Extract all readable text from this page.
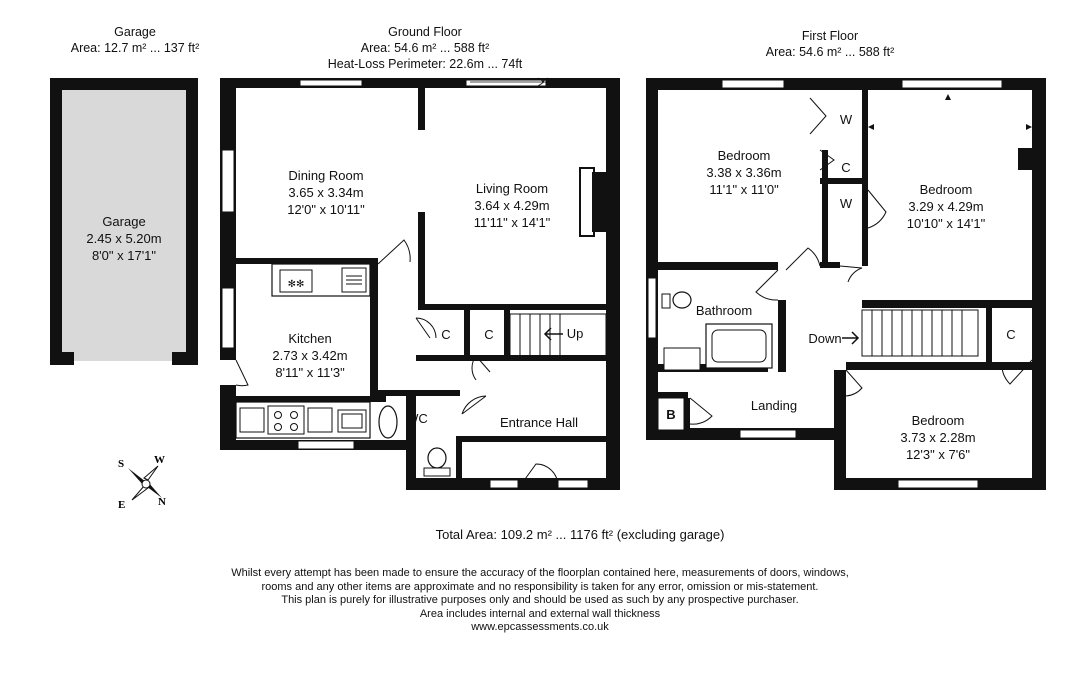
Garage
Area: 12.7 m² ... 137 ft²
Ground Floor
Area: 54.6 m² ... 588 ft²
Heat-Loss Perimeter: 22.6m ... 74ft
First Floor
Area: 54.6 m² ... 588 ft²
Garage
2.45 x 5.20m
8'0" x 17'1"
✻✻
Dining Room
3.65 x 3.34m
12'0" x 10'11"
Living Room
3.64 x 4.29m
11'11" x 14'1"
Kitchen
2.73 x 3.42m
8'11" x 11'3"
WC	Entrance Hall
C	C	Up
Bedroom
3.38 x 3.36m
11'1" x 11'0"	Bedroom
3.29 x 4.29m
10'10" x 14'1"
Bedroom
3.73 x 2.28m
12'3" x 7'6"
Bathroom
Landing
Down
W
W
C
C
B
S	W
E	N
Total Area: 109.2 m² ... 1176 ft² (excluding garage)
Whilst every attempt has been made to ensure the accuracy of the floorplan contained here, measurements of doors, windows,
rooms and any other items are approximate and no responsibility is taken for any error, omission or mis-statement.
This plan is purely for illustrative purposes only and should be used as such by any prospective purchaser.
Area includes internal and external wall thickness
www.epcassessments.co.uk
